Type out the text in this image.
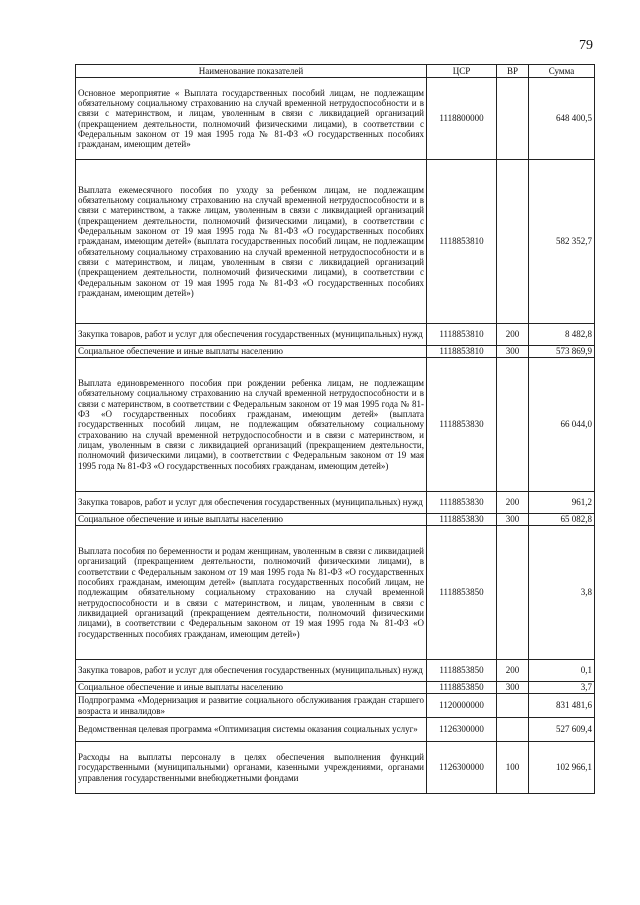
79
Наименование показателей	ЦСР	ВР	Сумма
Основное мероприятие « Выплата государственных пособий лицам, не подлежащим обязательному социальному страхованию на случай временной нетрудоспособности и в связи с материнством, и лицам, уволенным в связи с ликвидацией организаций (прекращением деятельности, полномочий физическими лицами), в соответствии с Федеральным законом от 19 мая 1995 года № 81-ФЗ «О государственных пособиях гражданам, имеющим детей»	1118800000		648 400,5
Выплата ежемесячного пособия по уходу за ребенком лицам, не подлежащим обязательному социальному страхованию на случай временной нетрудоспособности и в связи с материнством, а также лицам, уволенным в связи с ликвидацией организаций (прекращением деятельности, полномочий физическими лицами), в соответствии с Федеральным законом от 19 мая 1995 года № 81-ФЗ «О государственных пособиях гражданам, имеющим детей» (выплата государственных пособий лицам, не подлежащим обязательному социальному страхованию на случай временной нетрудоспособности и в связи с материнством, и лицам, уволенным в связи с ликвидацией организаций (прекращением деятельности, полномочий физическими лицами), в соответствии с Федеральным законом от 19 мая 1995 года № 81-ФЗ «О государственных пособиях гражданам, имеющим детей»)	1118853810		582 352,7
Закупка товаров, работ и услуг для обеспечения государственных (муниципальных) нужд	1118853810	200	8 482,8
Социальное обеспечение и иные выплаты населению	1118853810	300	573 869,9
Выплата единовременного пособия при рождении ребенка лицам, не подлежащим обязательному социальному страхованию на случай временной нетрудоспособности и в связи с материнством, в соответствии с Федеральным законом от 19 мая 1995 года № 81-ФЗ «О государственных пособиях гражданам, имеющим детей» (выплата государственных пособий лицам, не подлежащим обязательному социальному страхованию на случай временной нетрудоспособности и в связи с материнством, и лицам, уволенным в связи с ликвидацией организаций (прекращением деятельности, полномочий физическими лицами), в соответствии с Федеральным законом от 19 мая 1995 года № 81-ФЗ «О государственных пособиях гражданам, имеющим детей»)	1118853830		66 044,0
Закупка товаров, работ и услуг для обеспечения государственных (муниципальных) нужд	1118853830	200	961,2
Социальное обеспечение и иные выплаты населению	1118853830	300	65 082,8
Выплата пособия по беременности и родам женщинам, уволенным в связи с ликвидацией организаций (прекращением деятельности, полномочий физическими лицами), в соответствии с Федеральным законом от 19 мая 1995 года № 81-ФЗ «О государственных пособиях гражданам, имеющим детей» (выплата государственных пособий лицам, не подлежащим обязательному социальному страхованию на случай временной нетрудоспособности и в связи с материнством, и лицам, уволенным в связи с ликвидацией организаций (прекращением деятельности, полномочий физическими лицами), в соответствии с Федеральным законом от 19 мая 1995 года № 81-ФЗ «О государственных пособиях гражданам, имеющим детей»)	1118853850		3,8
Закупка товаров, работ и услуг для обеспечения государственных (муниципальных) нужд	1118853850	200	0,1
Социальное обеспечение и иные выплаты населению	1118853850	300	3,7
Подпрограмма «Модернизация и развитие социального обслуживания граждан старшего возраста и инвалидов»	1120000000		831 481,6
Ведомственная целевая программа «Оптимизация системы оказания социальных услуг»	1126300000		527 609,4
Расходы на выплаты персоналу в целях обеспечения выполнения функций государственными (муниципальными) органами, казенными учреждениями, органами управления государственными внебюджетными фондами	1126300000	100	102 966,1
